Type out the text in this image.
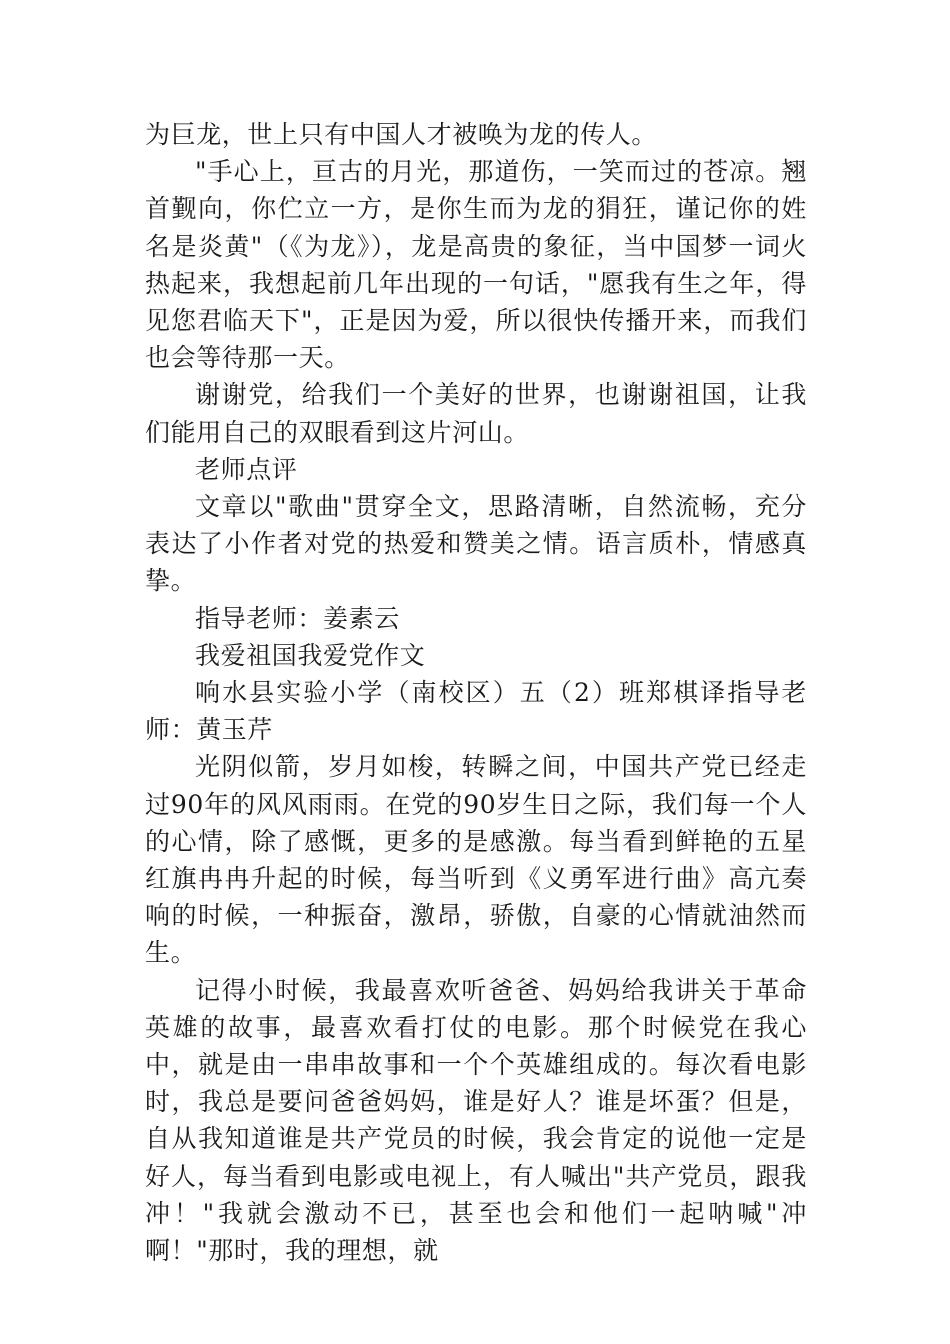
为巨龙，世上只有中国人才被唤为龙的传人。

"手心上，亘古的月光，那道伤，一笑而过的苍凉。翘首觐向，你伫立一方，是你生而为龙的狷狂，谨记你的姓名是炎黄"（《为龙》），龙是高贵的象征，当中国梦一词火热起来，我想起前几年出现的一句话，"愿我有生之年，得见您君临天下"，正是因为爱，所以很快传播开来，而我们也会等待那一天。

谢谢党，给我们一个美好的世界，也谢谢祖国，让我们能用自己的双眼看到这片河山。

老师点评

文章以"歌曲"贯穿全文，思路清晰，自然流畅，充分表达了小作者对党的热爱和赞美之情。语言质朴，情感真挚。

指导老师：姜素云

我爱祖国我爱党作文

响水县实验小学（南校区）五（2）班郑棋译指导老师：黄玉芹

光阴似箭，岁月如梭，转瞬之间，中国共产党已经走过90年的风风雨雨。在党的90岁生日之际，我们每一个人的心情，除了感慨，更多的是感激。每当看到鲜艳的五星红旗冉冉升起的时候，每当听到《义勇军进行曲》高亢奏响的时候，一种振奋，激昂，骄傲，自豪的心情就油然而生。

记得小时候，我最喜欢听爸爸、妈妈给我讲关于革命英雄的故事，最喜欢看打仗的电影。那个时候党在我心中，就是由一串串故事和一个个英雄组成的。每次看电影时，我总是要问爸爸妈妈，谁是好人？谁是坏蛋？但是，自从我知道谁是共产党员的时候，我会肯定的说他一定是好人，每当看到电影或电视上，有人喊出"共产党员，跟我冲！"我就会激动不已，甚至也会和他们一起呐喊"冲啊！"那时，我的理想，就
